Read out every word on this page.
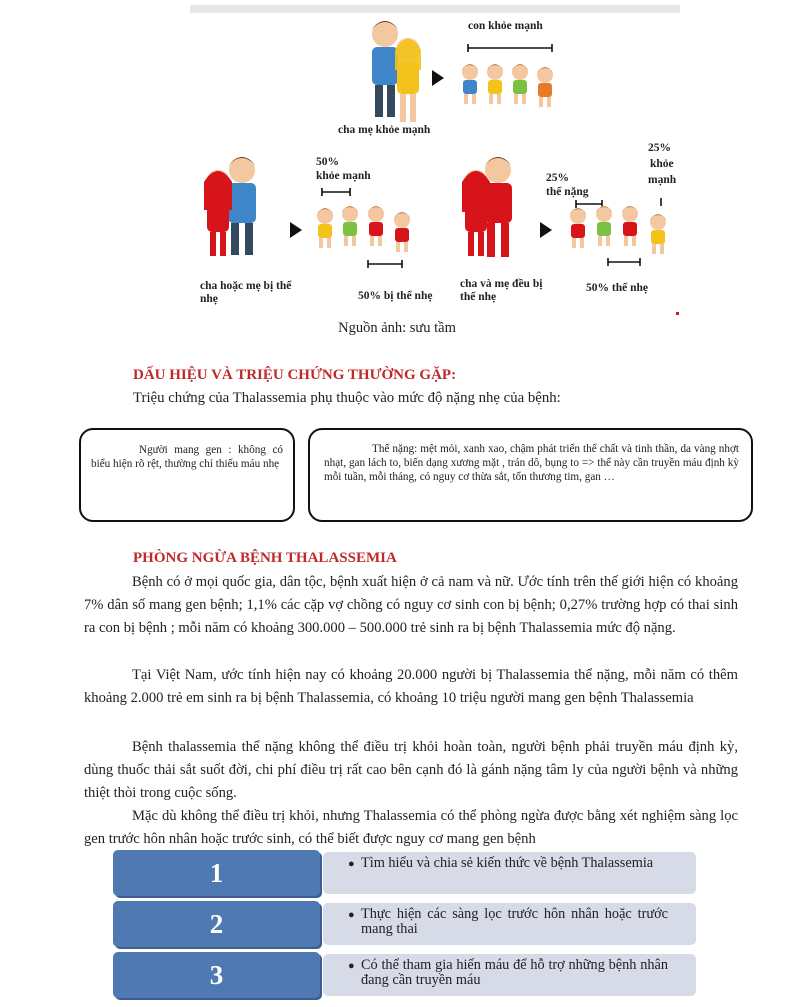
con khỏe mạnh
cha mẹ khỏe mạnh
50%
khỏe mạnh
cha hoặc mẹ bị thể nhẹ	50% bị thể nhẹ
25%
thể nặng
25%
khỏe
mạnh
cha và mẹ đều bị thể nhẹ
50% thể nhẹ
Nguồn ảnh: sưu tầm
DẤU HIỆU VÀ TRIỆU CHỨNG THƯỜNG GẶP:
Triệu chứng của Thalassemia phụ thuộc vào mức độ nặng nhẹ của bệnh:
Người mang gen : không có biểu hiện rõ rệt, thường chỉ thiếu máu nhẹ
Thể nặng: mệt mỏi, xanh xao, chậm phát triển thể chất và tinh thần, da vàng nhợt nhạt, gan lách to, biến dạng xương mặt , trán dô, bụng to => thể này cần truyền máu định kỳ mỗi tuần, mỗi tháng, có nguy cơ thừa sắt, tổn thương tim, gan …
PHÒNG NGỪA BỆNH THALASSEMIA
Bệnh có ở mọi quốc gia, dân tộc, bệnh xuất hiện ở cả nam và nữ. Ước tính trên thế giới hiện có khoảng 7% dân số mang gen bệnh; 1,1% các cặp vợ chồng có nguy cơ sinh con bị bệnh; 0,27% trường hợp có thai sinh ra con bị bệnh ; mỗi năm có khoảng 300.000 – 500.000 trẻ sinh ra bị bệnh Thalassemia mức độ nặng.
Tại Việt Nam, ước tính hiện nay có khoảng 20.000 người bị Thalassemia thể nặng, mỗi năm có thêm khoảng 2.000 trẻ em sinh ra bị bệnh Thalassemia, có khoảng 10 triệu người mang gen bệnh Thalassemia
Bệnh thalassemia thể nặng không thể điều trị khỏi hoàn toàn, người bệnh phải truyền máu định kỳ, dùng thuốc thải sắt suốt đời, chi phí điều trị rất cao bên cạnh đó là gánh nặng tâm ly của người bệnh và những thiệt thòi trong cuộc sống.
Mặc dù không thể điều trị khỏi, nhưng Thalassemia có thể phòng ngừa được bằng xét nghiệm sàng lọc gen trước hôn nhân hoặc trước sinh, có thể biết được nguy cơ mang gen bệnh
1	● Tìm hiểu và chia sẻ kiến thức về bệnh Thalassemia
2	● Thực hiện các sàng lọc trước hôn nhân hoặc trước mang thai
3	● Có thể tham gia hiến máu để hỗ trợ những bệnh nhân đang cần truyền máu
